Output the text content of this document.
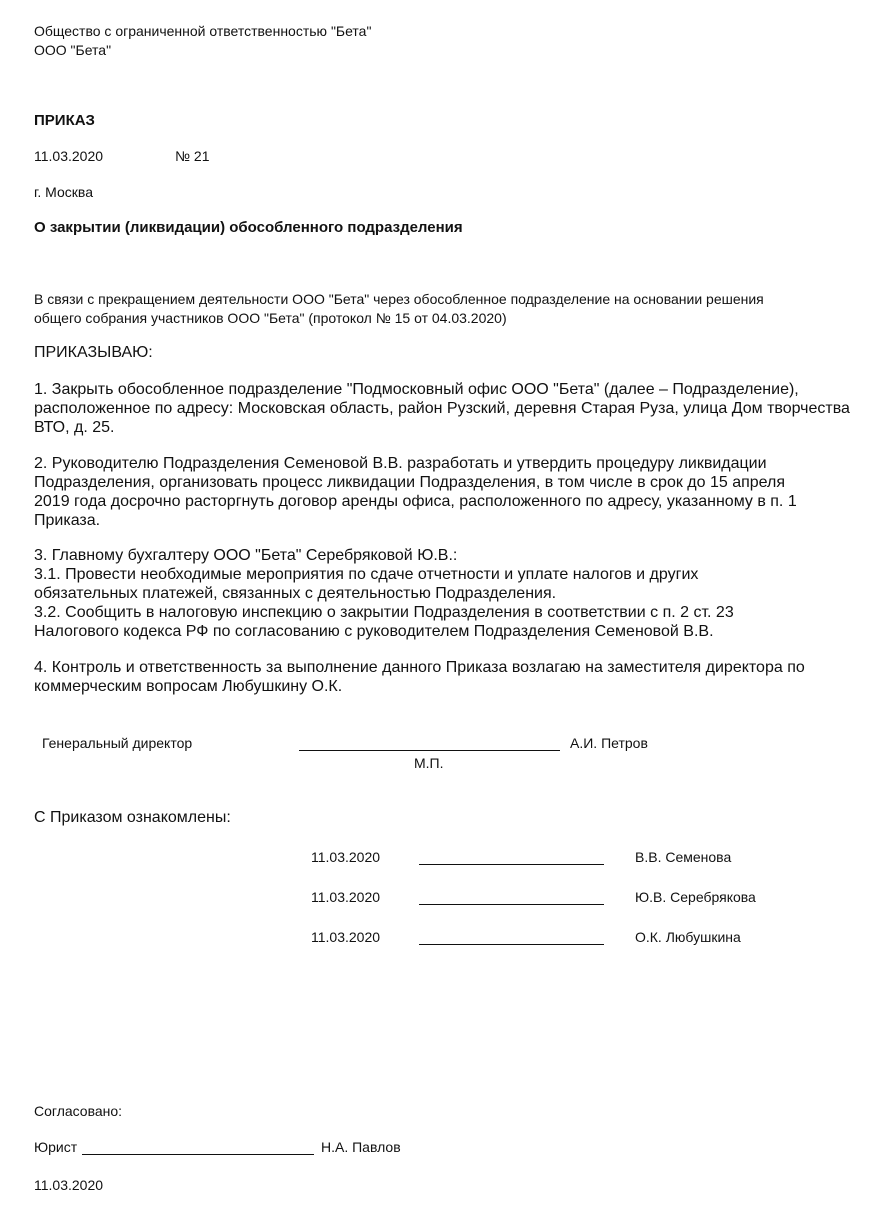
Общество с ограниченной ответственностью "Бета"
ООО "Бета"
ПРИКАЗ
11.03.2020	№ 21
г. Москва
О закрытии (ликвидации) обособленного подразделения
В связи с прекращением деятельности ООО "Бета" через обособленное подразделение на основании решения
общего собрания участников ООО "Бета" (протокол № 15 от 04.03.2020)
ПРИКАЗЫВАЮ:
1. Закрыть обособленное подразделение "Подмосковный офис ООО "Бета" (далее – Подразделение),
расположенное по адресу: Московская область, район Рузский, деревня Старая Руза, улица Дом творчества
ВТО, д. 25.
2. Руководителю Подразделения Семеновой В.В. разработать и утвердить процедуру ликвидации
Подразделения, организовать процесс ликвидации Подразделения, в том числе в срок до 15 апреля
2019 года досрочно расторгнуть договор аренды офиса, расположенного по адресу, указанному в п. 1
Приказа.
3. Главному бухгалтеру ООО "Бета" Серебряковой Ю.В.:
3.1. Провести необходимые мероприятия по сдаче отчетности и уплате налогов и других
обязательных платежей, связанных с деятельностью Подразделения.
3.2. Сообщить в налоговую инспекцию о закрытии Подразделения в соответствии с п. 2 ст. 23
Налогового кодекса РФ по согласованию с руководителем Подразделения Семеновой В.В.
4. Контроль и ответственность за выполнение данного Приказа возлагаю на заместителя директора по
коммерческим вопросам Любушкину О.К.
Генеральный директор	А.И. Петров
М.П.
С Приказом ознакомлены:
11.03.2020	В.В. Семенова
11.03.2020	Ю.В. Серебрякова
11.03.2020	О.К. Любушкина
Согласовано:
Юрист	Н.А. Павлов
11.03.2020
